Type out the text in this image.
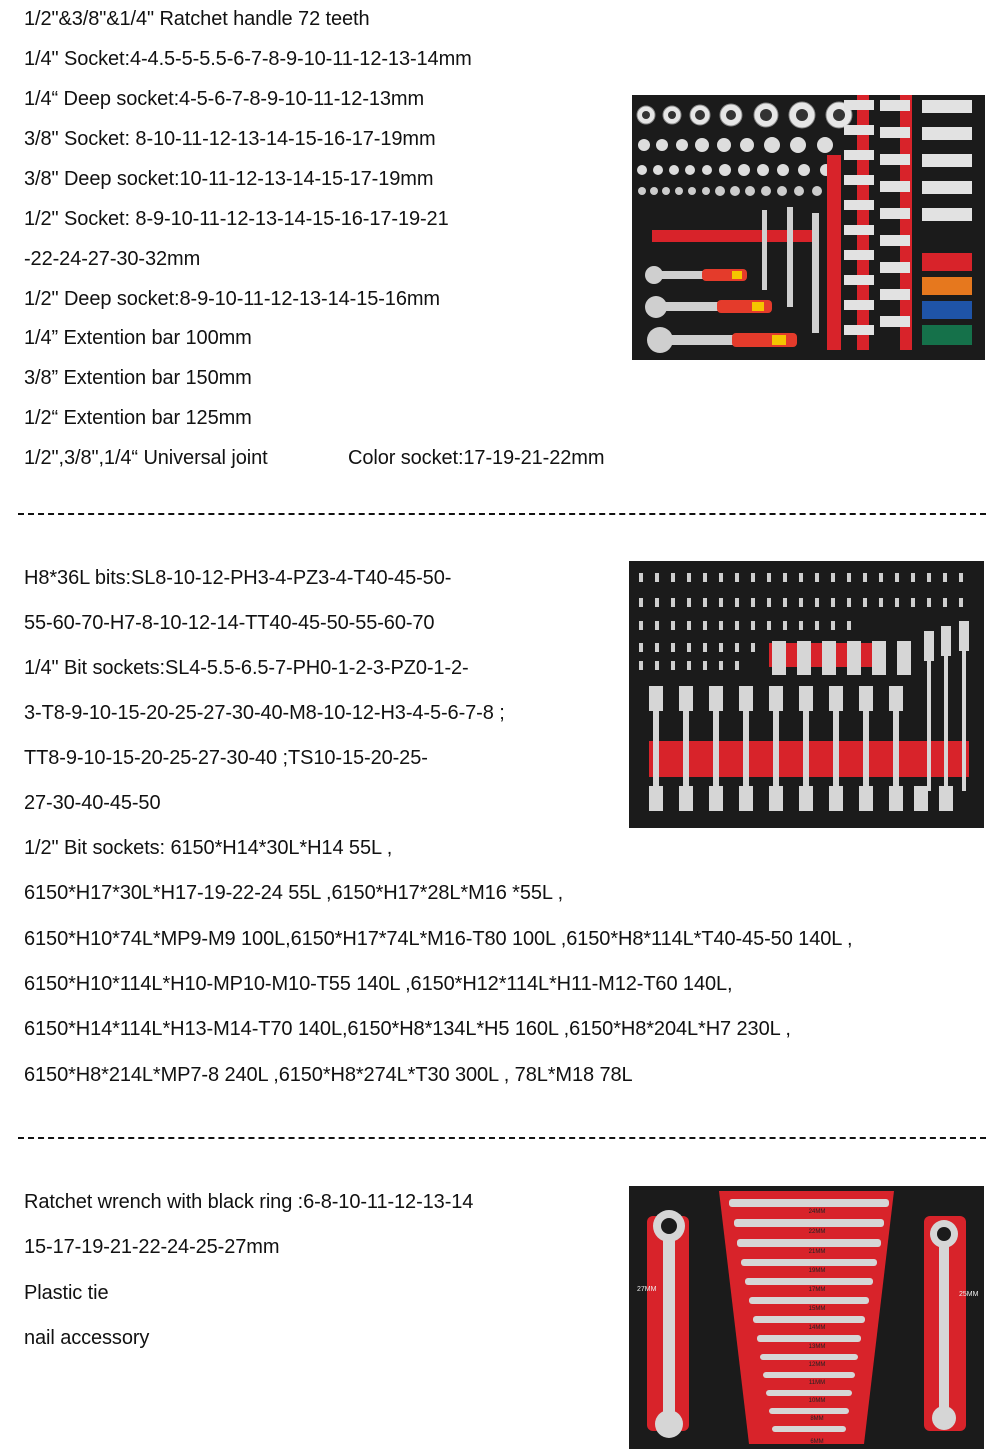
1/2"&3/8"&1/4" Ratchet handle 72 teeth
1/4" Socket:4-4.5-5-5.5-6-7-8-9-10-11-12-13-14mm
1/4“ Deep socket:4-5-6-7-8-9-10-11-12-13mm
3/8" Socket: 8-10-11-12-13-14-15-16-17-19mm
3/8" Deep socket:10-11-12-13-14-15-17-19mm
1/2" Socket: 8-9-10-11-12-13-14-15-16-17-19-21
-22-24-27-30-32mm
1/2" Deep socket:8-9-10-11-12-13-14-15-16mm
1/4” Extention bar 100mm
3/8” Extention bar 150mm
1/2“ Extention bar 125mm
1/2",3/8",1/4“ Universal joint	Color socket:17-19-21-22mm
H8*36L bits:SL8-10-12-PH3-4-PZ3-4-T40-45-50-
55-60-70-H7-8-10-12-14-TT40-45-50-55-60-70
1/4" Bit sockets:SL4-5.5-6.5-7-PH0-1-2-3-PZ0-1-2-
3-T8-9-10-15-20-25-27-30-40-M8-10-12-H3-4-5-6-7-8 ;
TT8-9-10-15-20-25-27-30-40 ;TS10-15-20-25-
27-30-40-45-50
1/2" Bit sockets: 6150*H14*30L*H14 55L ,
6150*H17*30L*H17-19-22-24 55L ,6150*H17*28L*M16 *55L ,
6150*H10*74L*MP9-M9 100L,6150*H17*74L*M16-T80 100L ,6150*H8*114L*T40-45-50 140L ,
6150*H10*114L*H10-MP10-M10-T55 140L ,6150*H12*114L*H11-M12-T60 140L,
6150*H14*114L*H13-M14-T70 140L,6150*H8*134L*H5 160L ,6150*H8*204L*H7 230L ,
6150*H8*214L*MP7-8 240L ,6150*H8*274L*T30 300L , 78L*M18 78L
Ratchet wrench with black ring :6-8-10-11-12-13-14
15-17-19-21-22-24-25-27mm
Plastic tie
nail accessory
27MM
25MM
24MM
22MM
21MM
19MM
17MM
15MM
14MM
13MM
12MM
11MM
10MM
8MM
6MM
